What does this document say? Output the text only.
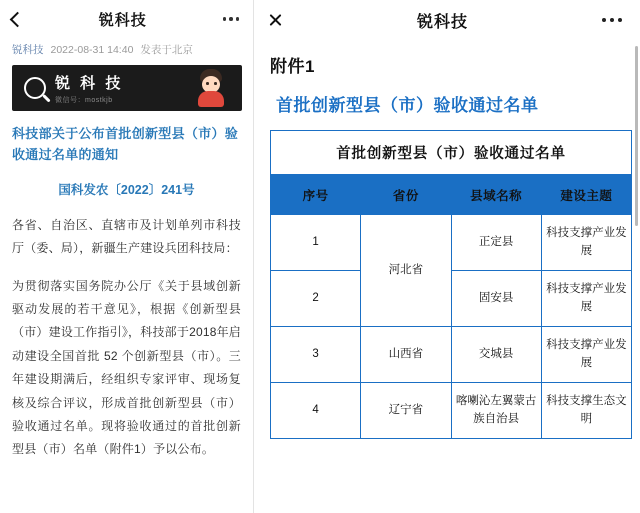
锐科技
锐科技 2022-08-31 14:40 发表于北京
锐 科 技
微信号：mostkjb
科技部关于公布首批创新型县（市）验收通过名单的通知
国科发农〔2022〕241号
各省、自治区、直辖市及计划单列市科技厅（委、局），新疆生产建设兵团科技局：
为贯彻落实国务院办公厅《关于县域创新驱动发展的若干意见》，根据《创新型县（市）建设工作指引》，科技部于2018年启动建设全国首批 52 个创新型县（市）。三年建设期满后，经组织专家评审、现场复核及综合评议，形成首批创新型县（市）验收通过名单。现将验收通过的首批创新型县（市）名单（附件1）予以公布。
锐科技
附件1
首批创新型县（市）验收通过名单
首批创新型县（市）验收通过名单			
序号	省份	县域名称	建设主题
1	河北省	正定县	科技支撑产业发展
2		固安县	科技支撑产业发展
3	山西省	交城县	科技支撑产业发展
4	辽宁省	喀喇沁左翼蒙古族自治县	科技支撑生态文明
